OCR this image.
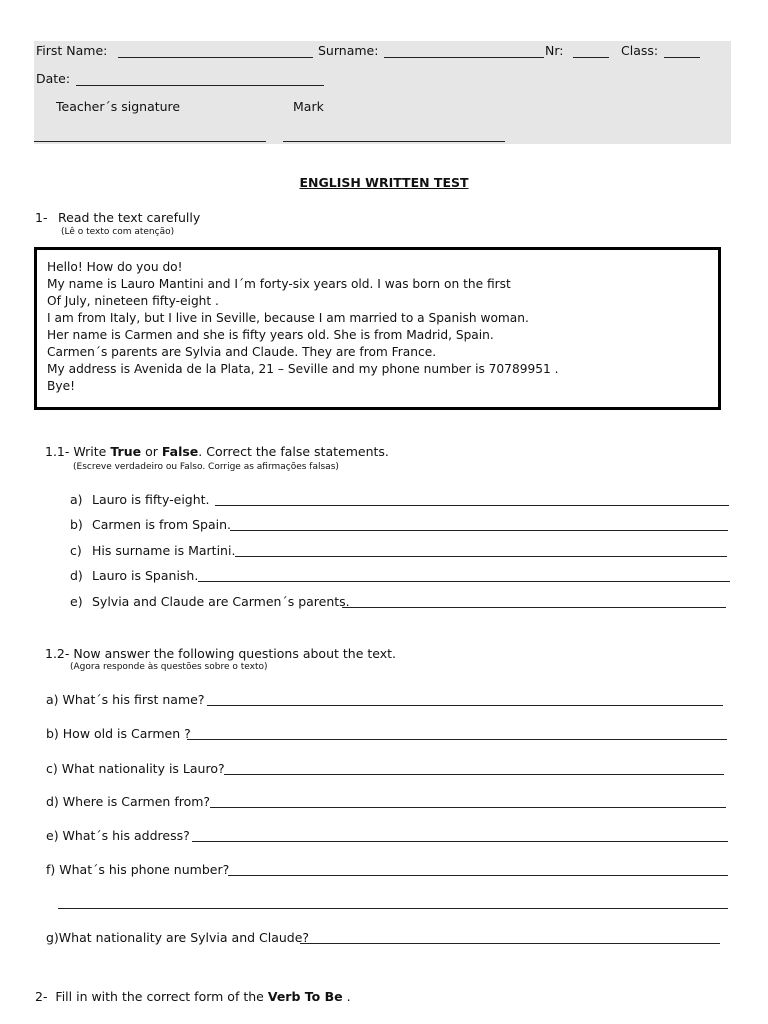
First Name:	Surname:	Nr:	Class:
Date:
Teacher´s signature	Mark
ENGLISH WRITTEN TEST
1- Read the text carefully
(Lê o texto com atenção)
Hello! How do you do!
My name is Lauro Mantini and I´m forty-six years old. I was born on the first
Of July, nineteen fifty-eight .
I am from Italy, but I live in Seville, because I am married to a Spanish woman.
Her name is Carmen and she is fifty years old. She is from Madrid, Spain.
Carmen´s parents are Sylvia and Claude. They are from France.
My address is Avenida de la Plata, 21 – Seville and my phone number is 70789951 .
Bye!
1.1- Write True or False. Correct the false statements.
(Escreve verdadeiro ou Falso. Corrige as afirmações falsas)
a) Lauro is fifty-eight.
b) Carmen is from Spain.
c) His surname is Martini.
d) Lauro is Spanish.
e) Sylvia and Claude are Carmen´s parents.
1.2- Now answer the following questions about the text.
(Agora responde às questões sobre o texto)
a) What´s his first name?
b) How old is Carmen ?
c) What nationality is Lauro?
d) Where is Carmen from?
e) What´s his address?
f) What´s his phone number?
g)What nationality are Sylvia and Claude?
2- Fill in with the correct form of the Verb To Be .
